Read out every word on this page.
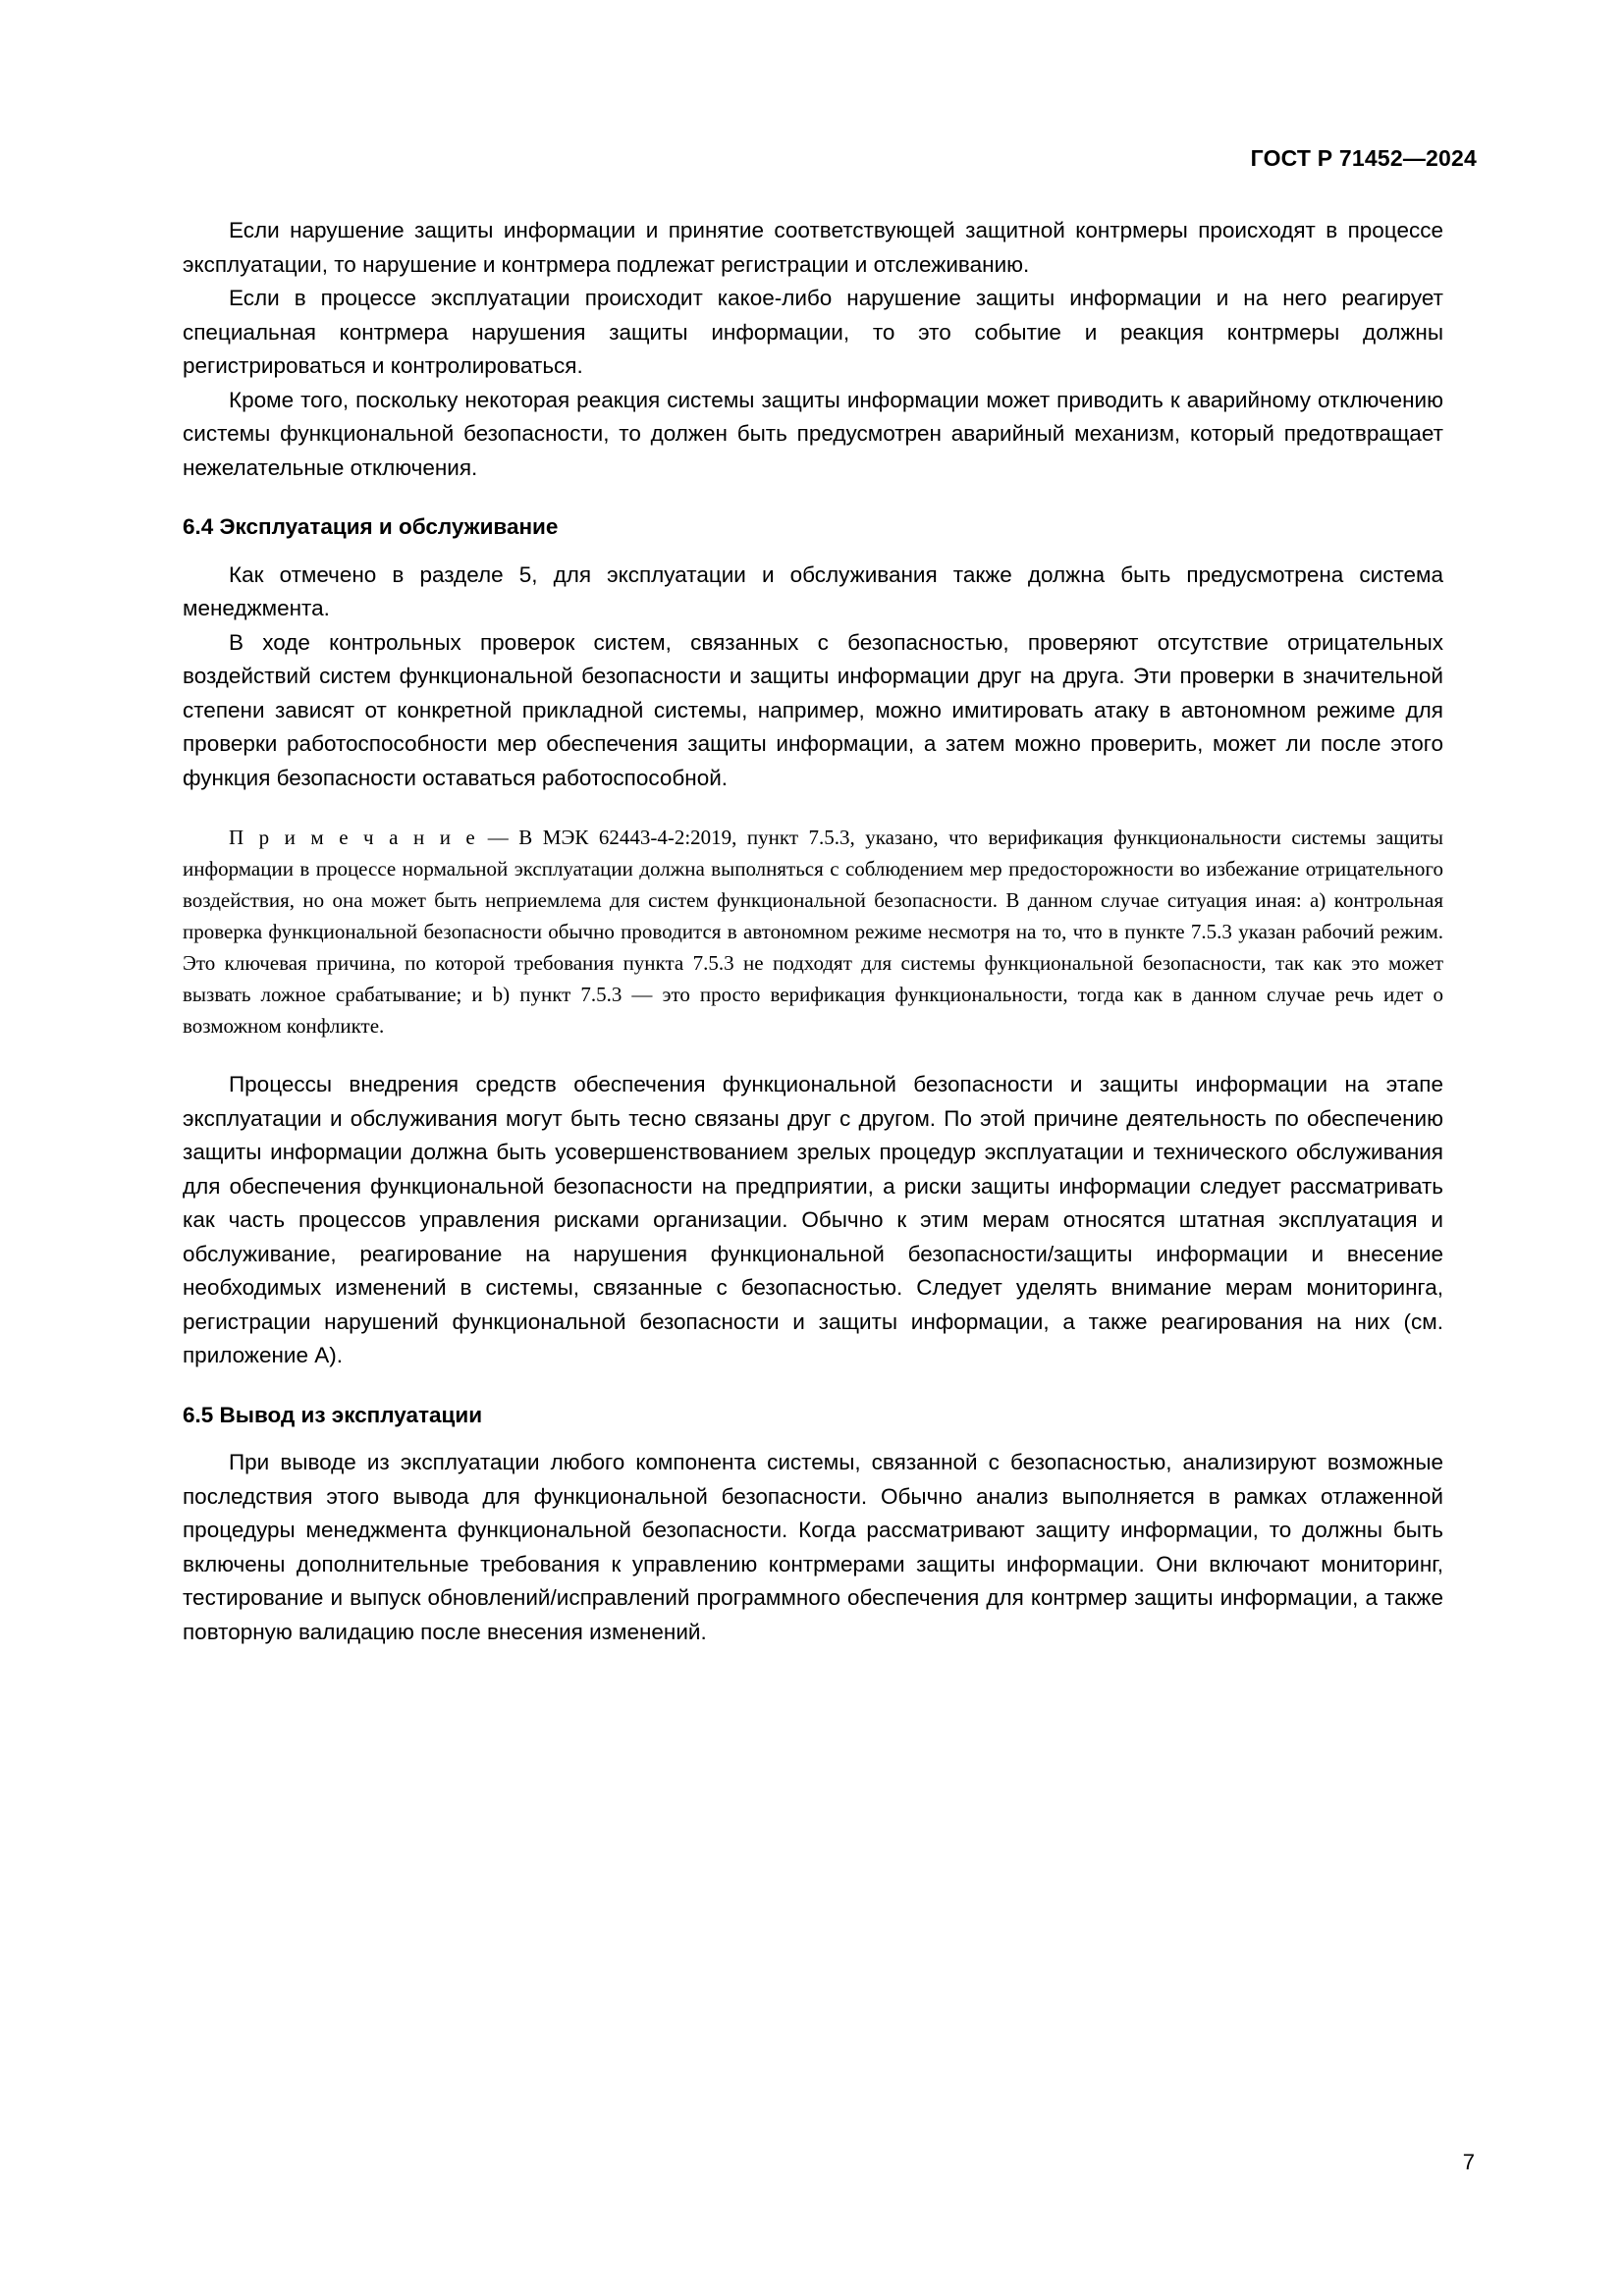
ГОСТ Р 71452—2024

Если нарушение защиты информации и принятие соответствующей защитной контрмеры происходят в процессе эксплуатации, то нарушение и контрмера подлежат регистрации и отслеживанию.

Если в процессе эксплуатации происходит какое-либо нарушение защиты информации и на него реагирует специальная контрмера нарушения защиты информации, то это событие и реакция контрмеры должны регистрироваться и контролироваться.

Кроме того, поскольку некоторая реакция системы защиты информации может приводить к аварийному отключению системы функциональной безопасности, то должен быть предусмотрен аварийный механизм, который предотвращает нежелательные отключения.

6.4 Эксплуатация и обслуживание

Как отмечено в разделе 5, для эксплуатации и обслуживания также должна быть предусмотрена система менеджмента.

В ходе контрольных проверок систем, связанных с безопасностью, проверяют отсутствие отрицательных воздействий систем функциональной безопасности и защиты информации друг на друга. Эти проверки в значительной степени зависят от конкретной прикладной системы, например, можно имитировать атаку в автономном режиме для проверки работоспособности мер обеспечения защиты информации, а затем можно проверить, может ли после этого функция безопасности оставаться работоспособной.

П р и м е ч а н и е — В МЭК 62443-4-2:2019, пункт 7.5.3, указано, что верификация функциональности системы защиты информации в процессе нормальной эксплуатации должна выполняться с соблюдением мер предосторожности во избежание отрицательного воздействия, но она может быть неприемлема для систем функциональной безопасности. В данном случае ситуация иная: а) контрольная проверка функциональной безопасности обычно проводится в автономном режиме несмотря на то, что в пункте 7.5.3 указан рабочий режим. Это ключевая причина, по которой требования пункта 7.5.3 не подходят для системы функциональной безопасности, так как это может вызвать ложное срабатывание; и b) пункт 7.5.3 — это просто верификация функциональности, тогда как в данном случае речь идет о возможном конфликте.

Процессы внедрения средств обеспечения функциональной безопасности и защиты информации на этапе эксплуатации и обслуживания могут быть тесно связаны друг с другом. По этой причине деятельность по обеспечению защиты информации должна быть усовершенствованием зрелых процедур эксплуатации и технического обслуживания для обеспечения функциональной безопасности на предприятии, а риски защиты информации следует рассматривать как часть процессов управления рисками организации. Обычно к этим мерам относятся штатная эксплуатация и обслуживание, реагирование на нарушения функциональной безопасности/защиты информации и внесение необходимых изменений в системы, связанные с безопасностью. Следует уделять внимание мерам мониторинга, регистрации нарушений функциональной безопасности и защиты информации, а также реагирования на них (см. приложение А).

6.5 Вывод из эксплуатации

При выводе из эксплуатации любого компонента системы, связанной с безопасностью, анализируют возможные последствия этого вывода для функциональной безопасности. Обычно анализ выполняется в рамках отлаженной процедуры менеджмента функциональной безопасности. Когда рассматривают защиту информации, то должны быть включены дополнительные требования к управлению контрмерами защиты информации. Они включают мониторинг, тестирование и выпуск обновлений/исправлений программного обеспечения для контрмер защиты информации, а также повторную валидацию после внесения изменений.

7
